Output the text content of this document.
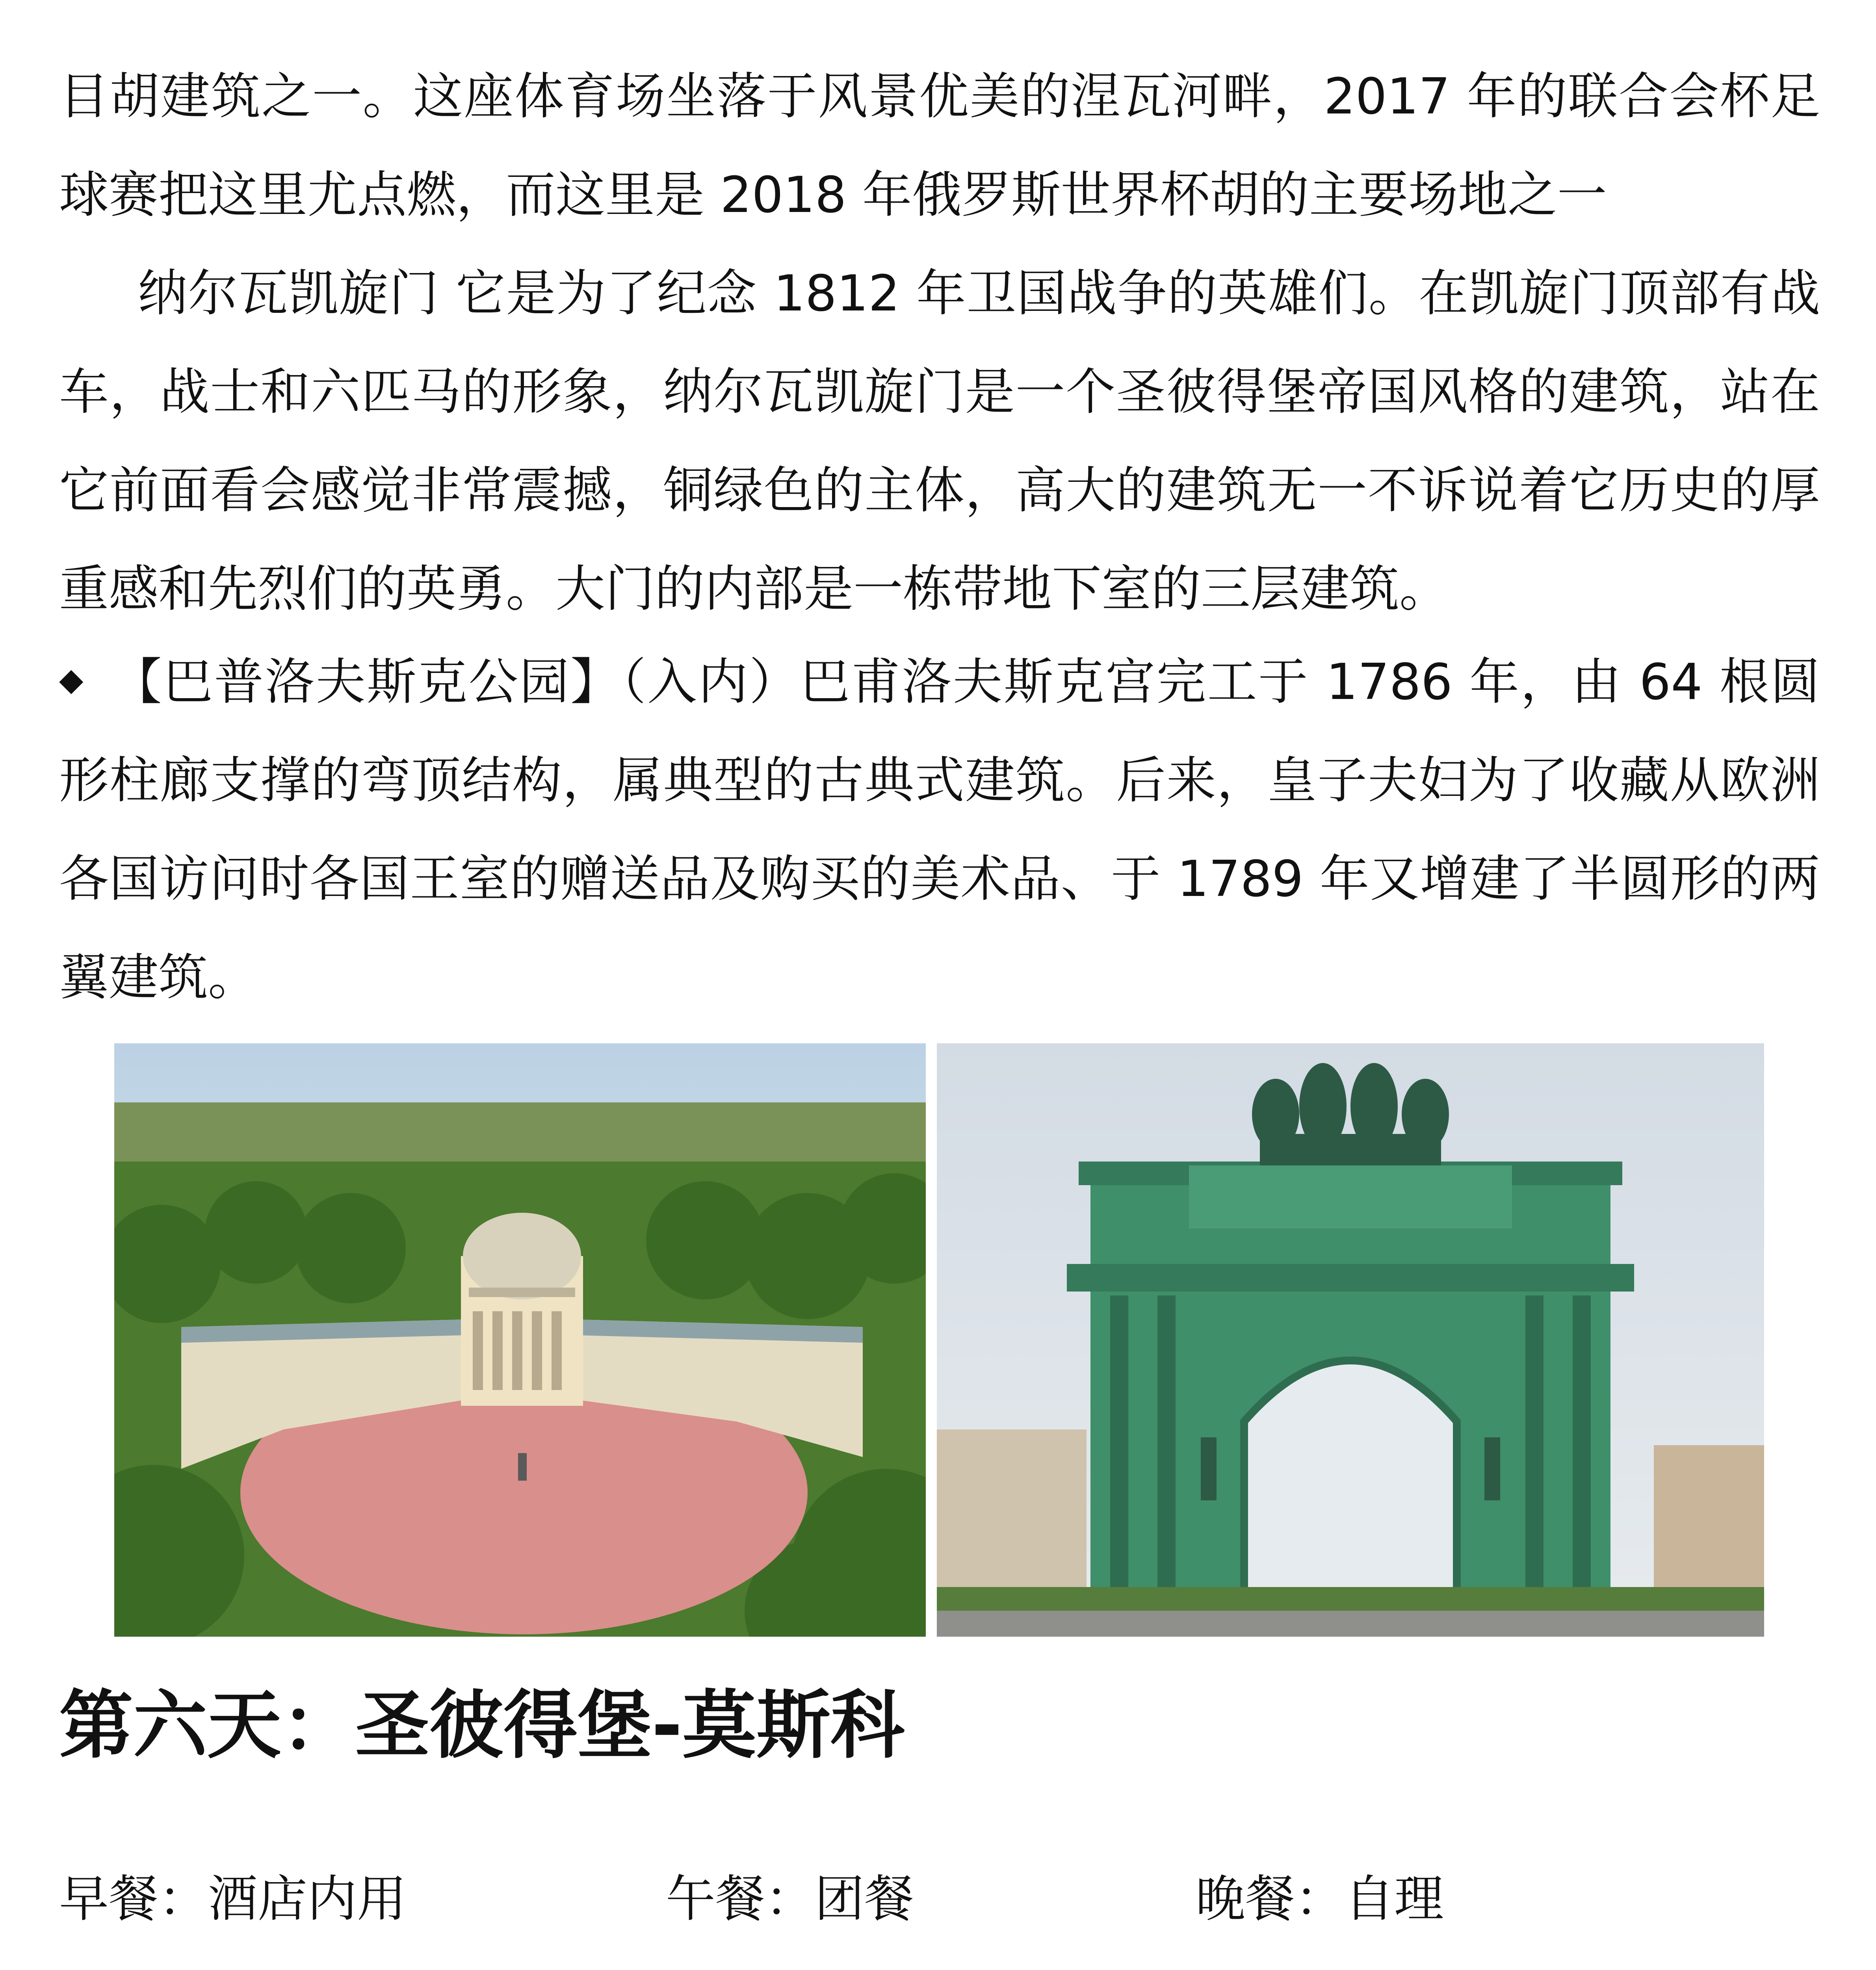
目胡建筑之一。这座体育场坐落于风景优美的涅瓦河畔，2017 年的联合会杯足球赛把这里尤点燃，而这里是 2018 年俄罗斯世界杯胡的主要场地之一

纳尔瓦凯旋门 它是为了纪念 1812 年卫国战争的英雄们。在凯旋门顶部有战车，战士和六匹马的形象，纳尔瓦凯旋门是一个圣彼得堡帝国风格的建筑，站在它前面看会感觉非常震撼，铜绿色的主体，高大的建筑无一不诉说着它历史的厚重感和先烈们的英勇。大门的内部是一栋带地下室的三层建筑。

◆ 【巴普洛夫斯克公园】（入内）巴甫洛夫斯克宫完工于 1786 年，由 64 根圆形柱廊支撑的弯顶结构，属典型的古典式建筑。后来，皇子夫妇为了收藏从欧洲各国访问时各国王室的赠送品及购买的美术品、于 1789 年又增建了半圆形的两翼建筑。

第六天：圣彼得堡-莫斯科
早餐：酒店内用	午餐：团餐	晚餐：自理
